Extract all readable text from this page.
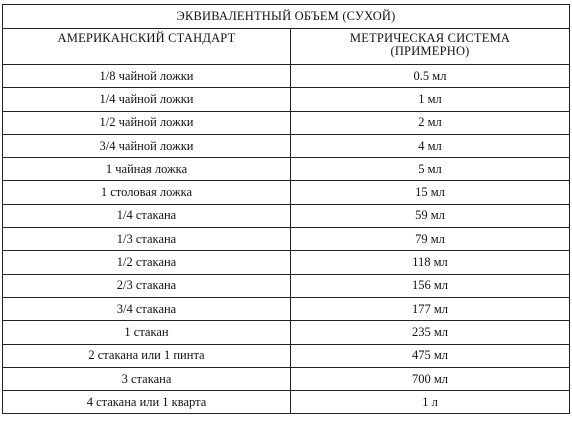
ЭКВИВАЛЕНТНЫЙ ОБЪЕМ (СУХОЙ)	
АМЕРИКАНСКИЙ СТАНДАРТ	МЕТРИЧЕСКАЯ СИСТЕМА
(ПРИМЕРНО)
1/8 чайной ложки	0.5 мл
1/4 чайной ложки	1 мл
1/2 чайной ложки	2 мл
3/4 чайной ложки	4 мл
1 чайная ложка	5 мл
1 столовая ложка	15 мл
1/4 стакана	59 мл
1/3 стакана	79 мл
1/2 стакана	118 мл
2/3 стакана	156 мл
3/4 стакана	177 мл
1 стакан	235 мл
2 стакана или 1 пинта	475 мл
3 стакана	700 мл
4 стакана или 1 кварта	1 л
